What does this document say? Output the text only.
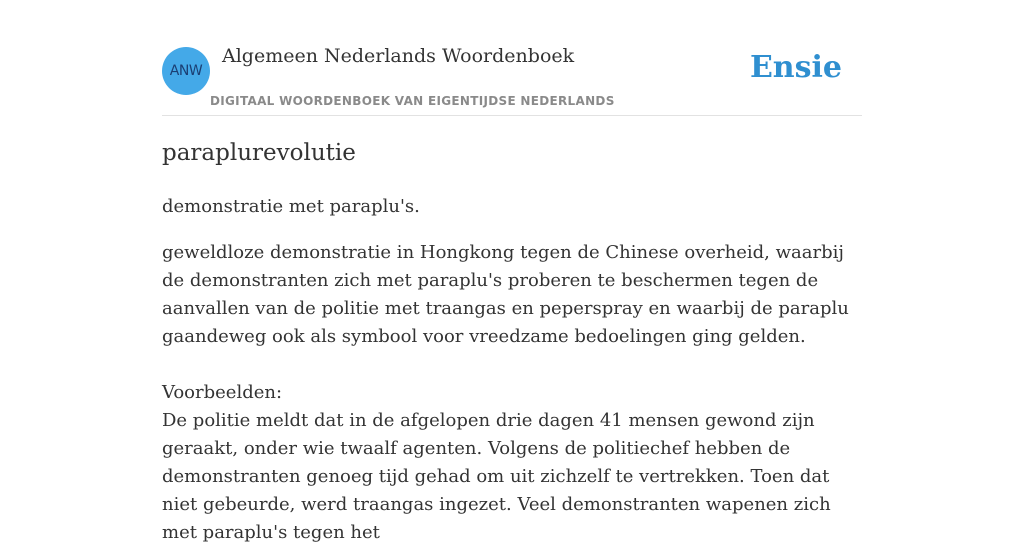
ANW
Algemeen Nederlands Woordenboek
DIGITAAL WOORDENBOEK VAN EIGENTIJDSE NEDERLANDS
Ensie
paraplurevolutie
demonstratie met paraplu's.

geweldloze demonstratie in Hongkong tegen de Chinese overheid, waarbij de demonstranten zich met paraplu's proberen te beschermen tegen de aanvallen van de politie met traangas en peperspray en waarbij de paraplu gaandeweg ook als symbool voor vreedzame bedoelingen ging gelden.

Voorbeelden:

De politie meldt dat in de afgelopen drie dagen 41 mensen gewond zijn geraakt, onder wie twaalf agenten. Volgens de politiechef hebben de demonstranten genoeg tijd gehad om uit zichzelf te vertrekken. Toen dat niet gebeurde, werd traangas ingezet. Veel demonstranten wapenen zich met paraplu's tegen het
